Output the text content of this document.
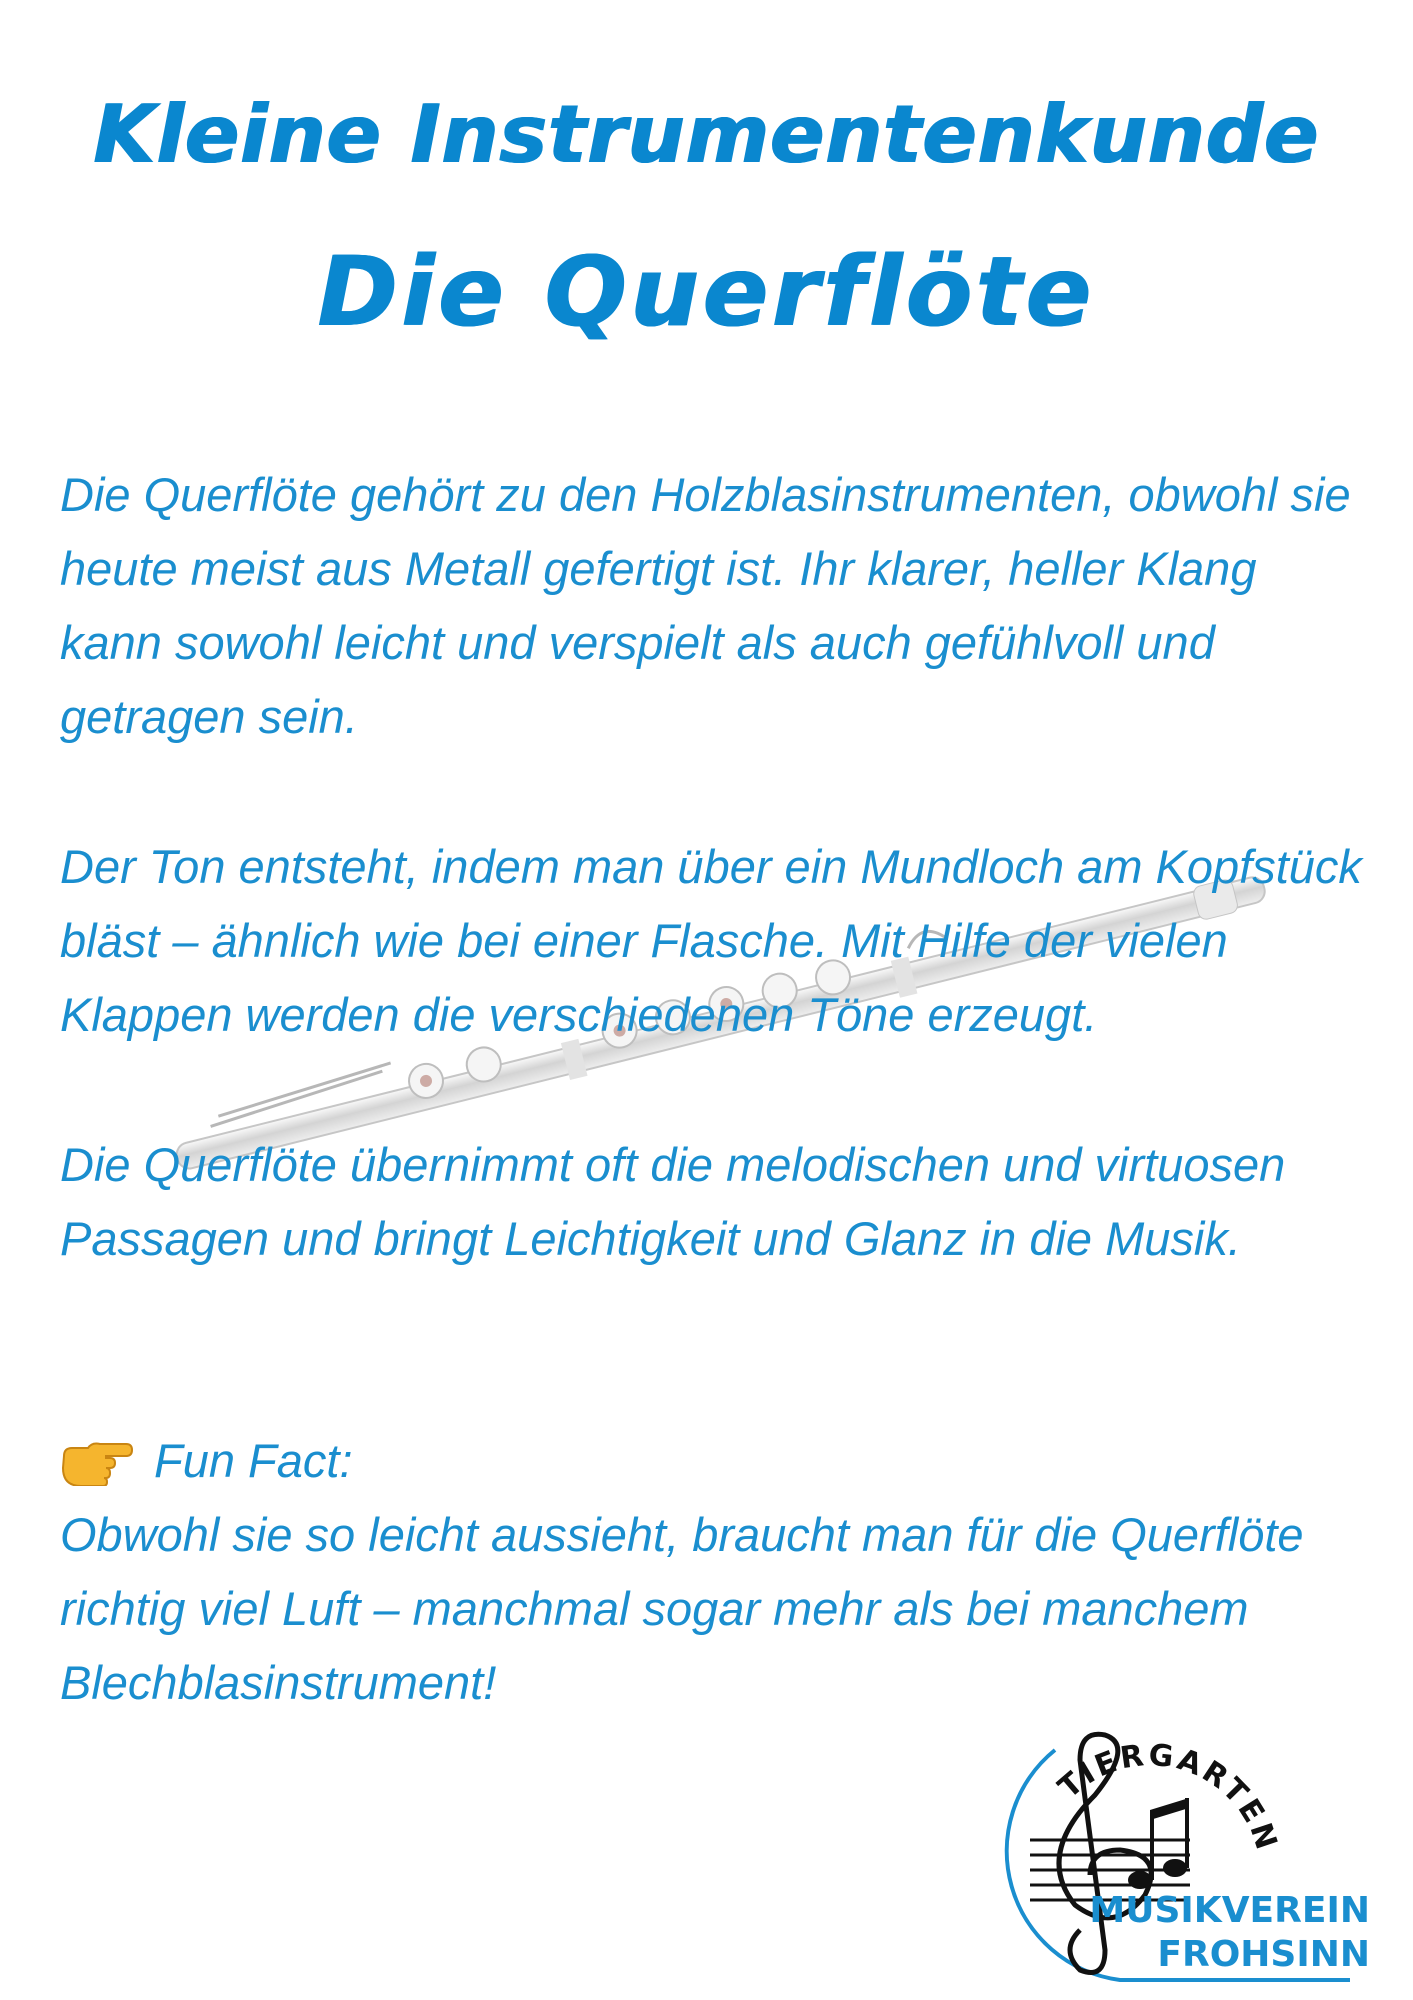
Kleine Instrumentenkunde
Die Querflöte

Die Querflöte gehört zu den Holzblasinstrumenten, obwohl sie heute meist aus Metall gefertigt ist. Ihr klarer, heller Klang kann sowohl leicht und verspielt als auch gefühlvoll und getragen sein.

Der Ton entsteht, indem man über ein Mundloch am Kopfstück bläst – ähnlich wie bei einer Flasche. Mit Hilfe der vielen Klappen werden die verschiedenen Töne erzeugt.

Die Querflöte übernimmt oft die melodischen und virtuosen Passagen und bringt Leichtigkeit und Glanz in die Musik.

Fun Fact:

Obwohl sie so leicht aussieht, braucht man für die Querflöte richtig viel Luft – manchmal sogar mehr als bei manchem Blechblasinstrument!

TIERGARTEN
MUSIKVEREIN
FROHSINN
